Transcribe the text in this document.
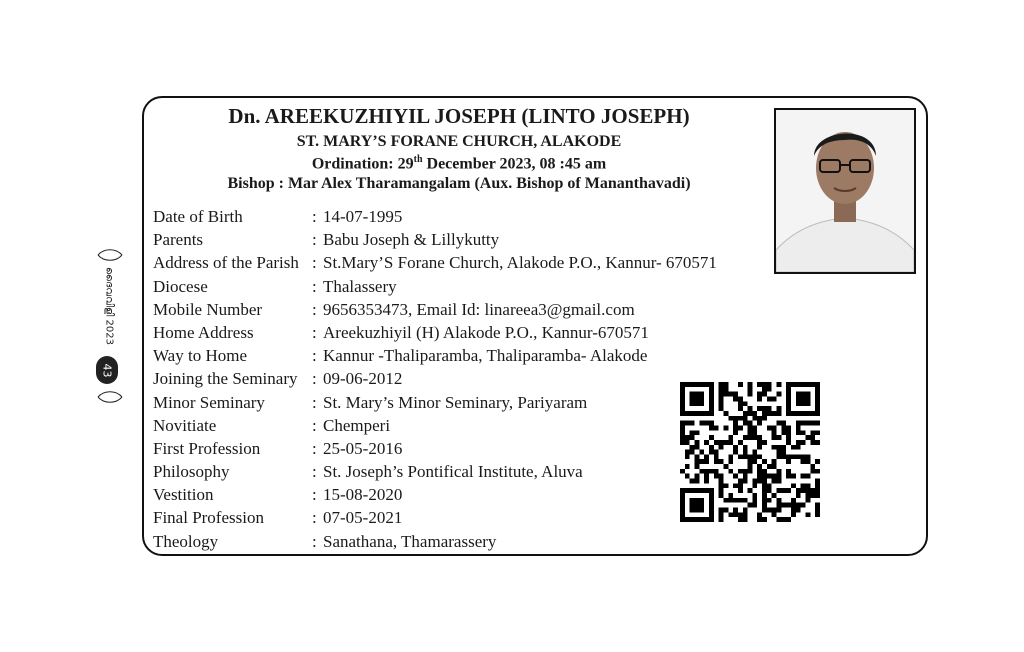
ദൈവവിളി 2023
43
Dn. AREEKUZHIYIL JOSEPH (LINTO JOSEPH)
ST. MARY’S FORANE CHURCH, ALAKODE
Ordination: 29th December 2023, 08 :45 am
Bishop : Mar Alex Tharamangalam (Aux. Bishop of Mananthavadi)
Date of Birth	: 14-07-1995
Parents	: Babu Joseph & Lillykutty
Address of the Parish : St.Mary’S Forane Church, Alakode P.O., Kannur- 670571
Diocese	: Thalassery
Mobile Number	: 9656353473, Email Id: linareea3@gmail.com
Home Address	: Areekuzhiyil (H) Alakode P.O., Kannur-670571
Way to Home	: Kannur -Thaliparamba, Thaliparamba- Alakode
Joining the Seminary : 09-06-2012
Minor Seminary	: St. Mary’s Minor Seminary, Pariyaram
Novitiate	: Chemperi
First Profession	: 25-05-2016
Philosophy	: St. Joseph’s Pontifical Institute, Aluva
Vestition	: 15-08-2020
Final Profession	: 07-05-2021
Theology	: Sanathana, Thamarassery
